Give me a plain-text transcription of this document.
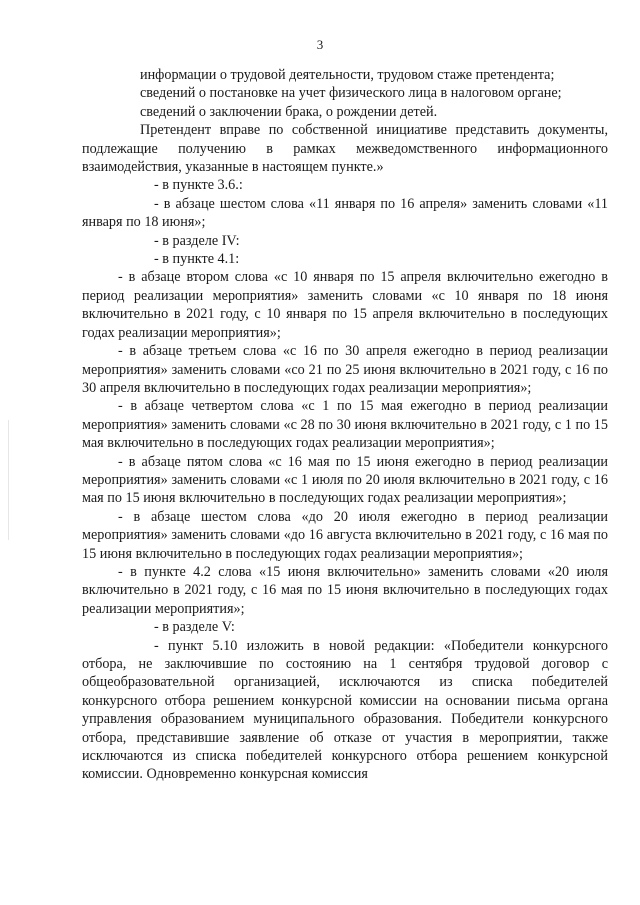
3

информации о трудовой деятельности, трудовом стаже претендента;

сведений о постановке на учет физического лица в налоговом органе;

сведений о заключении брака, о рождении детей.

Претендент вправе по собственной инициативе представить документы, подлежащие получению в рамках межведомственного информационного взаимодействия, указанные в настоящем пункте.»

- в пункте 3.6.:

- в абзаце шестом слова «11 января по 16 апреля» заменить словами «11 января по 18 июня»;

- в разделе IV:

- в пункте 4.1:

- в абзаце втором слова «с 10 января по 15 апреля включительно ежегодно в период реализации мероприятия» заменить словами «с 10 января по 18 июня включительно в 2021 году, с 10 января по 15 апреля включительно в последующих годах реализации мероприятия»;

- в абзаце третьем слова «с 16 по 30 апреля ежегодно в период реализации мероприятия» заменить словами «со 21 по 25 июня включительно в 2021 году, с 16 по 30 апреля включительно в последующих годах реализации мероприятия»;

- в абзаце четвертом слова «с 1 по 15 мая ежегодно в период реализации мероприятия» заменить словами «с 28 по 30 июня включительно в 2021 году, с 1 по 15 мая включительно в последующих годах реализации мероприятия»;

- в абзаце пятом слова «с 16 мая по 15 июня ежегодно в период реализации мероприятия» заменить словами «с 1 июля по 20 июля включительно в 2021 году, с 16 мая по 15 июня включительно в последующих годах реализации мероприятия»;

- в абзаце шестом слова «до 20 июля ежегодно в период реализации мероприятия» заменить словами «до 16 августа включительно в 2021 году, с 16 мая по 15 июня включительно в последующих годах реализации мероприятия»;

- в пункте 4.2 слова «15 июня включительно» заменить словами «20 июля включительно в 2021 году, с 16 мая по 15 июня включительно в последующих годах реализации мероприятия»;

- в разделе V:

- пункт 5.10 изложить в новой редакции: «Победители конкурсного отбора, не заключившие по состоянию на 1 сентября трудовой договор с общеобразовательной организацией, исключаются из списка победителей конкурсного отбора решением конкурсной комиссии на основании письма органа управления образованием муниципального образования. Победители конкурсного отбора, представившие заявление об отказе от участия в мероприятии, также исключаются из списка победителей конкурсного отбора решением конкурсной комиссии. Одновременно конкурсная комиссия
